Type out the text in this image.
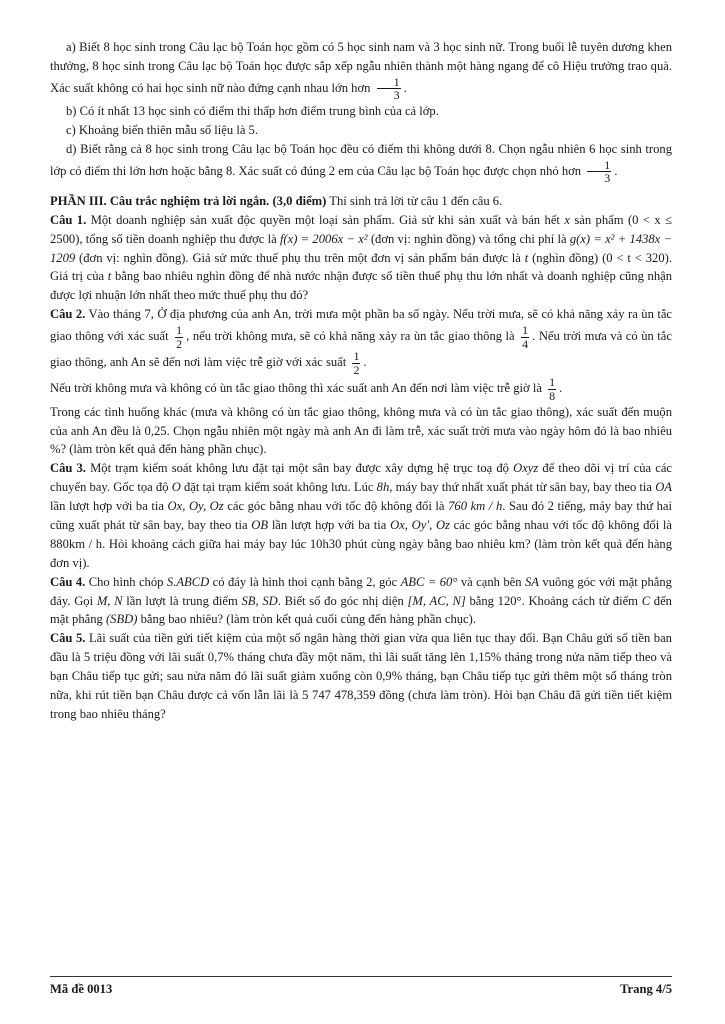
a) Biết 8 học sinh trong Câu lạc bộ Toán học gồm có 5 học sinh nam và 3 học sinh nữ. Trong buổi lễ tuyên dương khen thưởng, 8 học sinh trong Câu lạc bộ Toán học được sắp xếp ngẫu nhiên thành một hàng ngang để cô Hiệu trưởng trao quà. Xác suất không có hai học sinh nữ nào đứng cạnh nhau lớn hơn $\frac{1}{3}$ .

b) Có ít nhất 13 học sinh có điểm thi thấp hơn điểm trung bình của cả lớp.

c) Khoảng biến thiên mẫu số liệu là 5.

d) Biết rằng cả 8 học sinh trong Câu lạc bộ Toán học đều có điểm thi không dưới 8. Chọn ngẫu nhiên 6 học sinh trong lớp có điểm thi lớn hơn hoặc bằng 8. Xác suất có đúng 2 em của Câu lạc bộ Toán học được chọn nhỏ hơn $\frac{1}{3}$ .

PHẦN III. Câu trắc nghiệm trả lời ngắn. (3,0 điểm) Thí sinh trả lời từ câu 1 đến câu 6.

Câu 1. Một doanh nghiệp sản xuất độc quyền một loại sản phẩm. Giả sử khi sản xuất và bán hết x sản phẩm (0 < x ≤ 2500), tổng số tiền doanh nghiệp thu được là f(x) = 2006x − x² (đơn vị: nghìn đồng) và tổng chi phí là g(x) = x² + 1438x − 1209 (đơn vị: nghìn đồng). Giả sử mức thuế phụ thu trên một đơn vị sản phẩm bán được là t (nghìn đồng) (0 < t < 320). Giá trị của t bằng bao nhiêu nghìn đồng để nhà nước nhận được số tiền thuế phụ thu lớn nhất và doanh nghiệp cũng nhận được lợi nhuận lớn nhất theo mức thuế phụ thu đó?

Câu 2. Vào tháng 7, Ở địa phương của anh An, trời mưa một phần ba số ngày. Nếu trời mưa, sẽ có khả năng xảy ra ùn tắc giao thông với xác suất $\frac{1}{2}$ , nếu trời không mưa, sẽ có khả năng xảy ra ùn tắc giao thông là $\frac{1}{4}$ . Nếu trời mưa và có ùn tắc giao thông, anh An sẽ đến nơi làm việc trễ giờ với xác suất $\frac{1}{2}$ .

Nếu trời không mưa và không có ùn tắc giao thông thì xác suất anh An đến nơi làm việc trễ giờ là $\frac{1}{8}$ .

Trong các tình huống khác (mưa và không có ùn tắc giao thông, không mưa và có ùn tắc giao thông), xác suất đến muộn của anh An đều là 0,25. Chọn ngẫu nhiên một ngày mà anh An đi làm trễ, xác suất trời mưa vào ngày hôm đó là bao nhiêu %? (làm tròn kết quả đến hàng phần chục).

Câu 3. Một trạm kiểm soát không lưu đặt tại một sân bay được xây dựng hệ trục toạ độ Oxyz để theo dõi vị trí của các chuyến bay. Gốc tọa độ O đặt tại trạm kiểm soát không lưu. Lúc 8h, máy bay thứ nhất xuất phát từ sân bay, bay theo tia OA lần lượt hợp với ba tia Ox, Oy, Oz các góc bằng nhau với tốc độ không đổi là 760 km / h. Sau đó 2 tiếng, máy bay thứ hai cũng xuất phát từ sân bay, bay theo tia OB lần lượt hợp với ba tia Ox, Oy′, Oz các góc bằng nhau với tốc độ không đổi là 880km / h. Hỏi khoảng cách giữa hai máy bay lúc 10h30 phút cùng ngày bằng bao nhiêu km? (làm tròn kết quả đến hàng đơn vị).

Câu 4. Cho hình chóp S.ABCD có đáy là hình thoi cạnh bằng 2, góc ABC = 60° và cạnh bên SA vuông góc với mặt phẳng đáy. Gọi M, N lần lượt là trung điểm SB, SD. Biết số đo góc nhị diện [M, AC, N] bằng 120°. Khoảng cách từ điểm C đến mặt phẳng (SBD) bằng bao nhiêu? (làm tròn kết quả cuối cùng đến hàng phần chục).

Câu 5. Lãi suất của tiền gửi tiết kiệm của một số ngân hàng thời gian vừa qua liên tục thay đổi. Bạn Châu gửi số tiền ban đầu là 5 triệu đồng với lãi suất 0,7% tháng chưa đầy một năm, thì lãi suất tăng lên 1,15% tháng trong nửa năm tiếp theo và bạn Châu tiếp tục gửi; sau nửa năm đó lãi suất giảm xuống còn 0,9% tháng, bạn Châu tiếp tục gửi thêm một số tháng tròn nữa, khi rút tiền bạn Châu được cả vốn lẫn lãi là 5 747 478,359 đồng (chưa làm tròn). Hỏi bạn Châu đã gửi tiền tiết kiệm trong bao nhiêu tháng?

Mã đề 0013	Trang 4/5
